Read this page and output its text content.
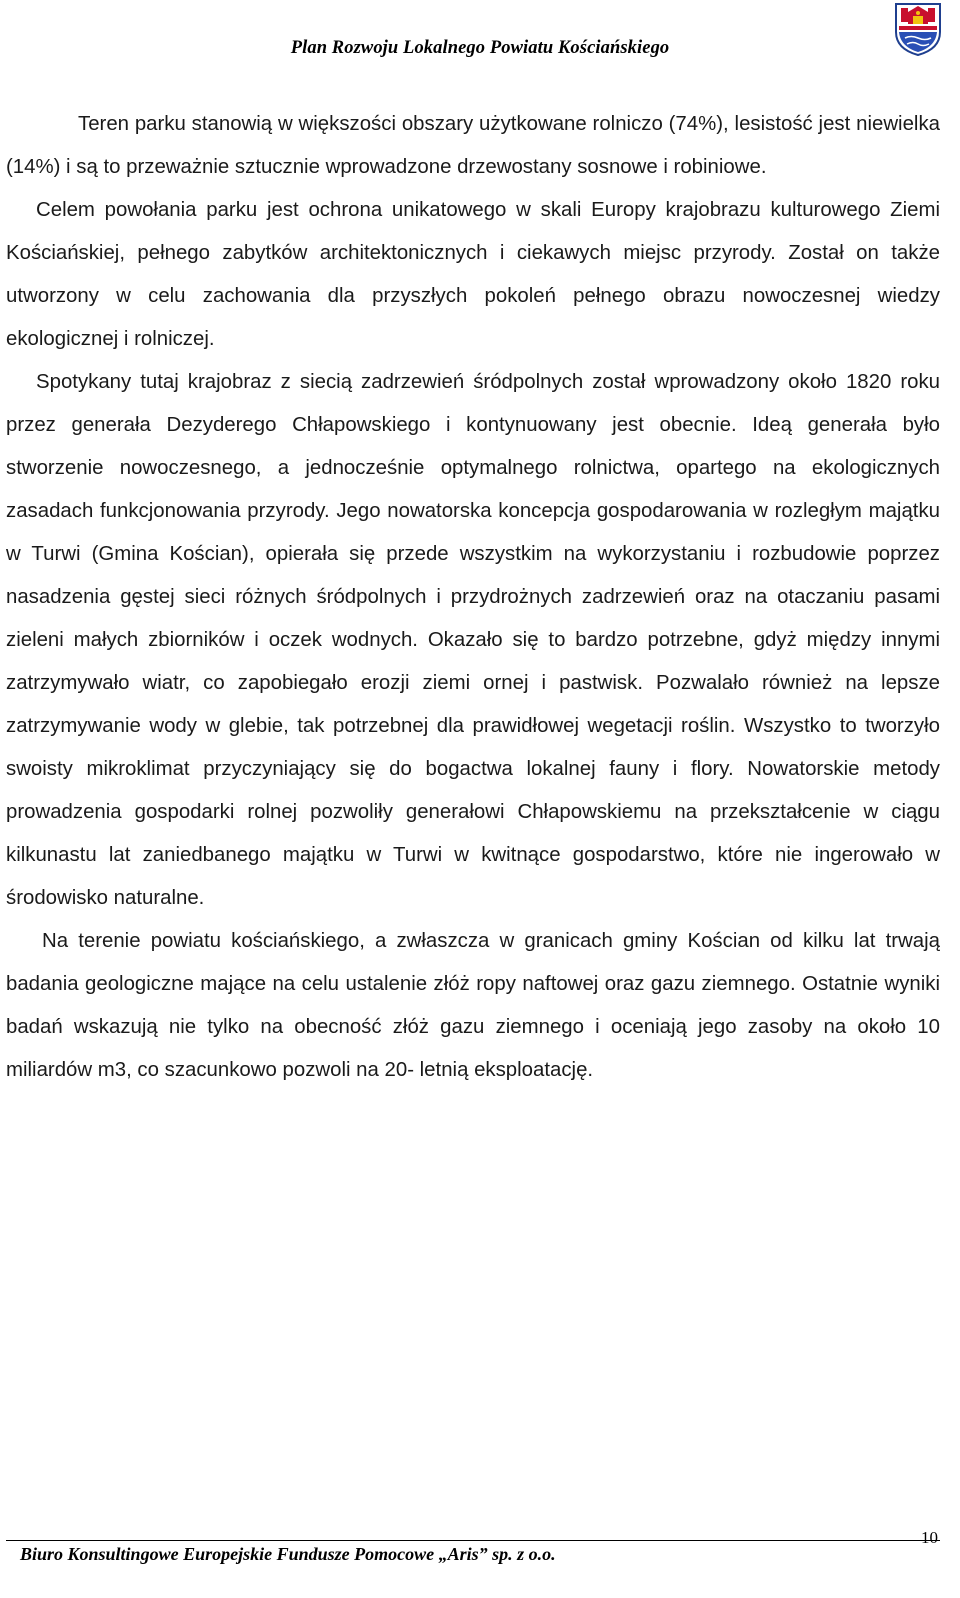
Plan Rozwoju Lokalnego Powiatu Kościańskiego

Teren parku stanowią w większości obszary użytkowane rolniczo (74%), lesistość jest niewielka (14%) i są to przeważnie sztucznie wprowadzone drzewostany sosnowe i robiniowe.

Celem powołania parku jest ochrona unikatowego w skali Europy krajobrazu kulturowego Ziemi Kościańskiej, pełnego zabytków architektonicznych i ciekawych miejsc przyrody. Został on także utworzony w celu zachowania dla przyszłych pokoleń pełnego obrazu nowoczesnej wiedzy ekologicznej i rolniczej.

Spotykany tutaj krajobraz z siecią zadrzewień śródpolnych został wprowadzony około 1820 roku przez generała Dezyderego Chłapowskiego i kontynuowany jest obecnie. Ideą generała było stworzenie nowoczesnego, a jednocześnie optymalnego rolnictwa, opartego na ekologicznych zasadach funkcjonowania przyrody. Jego nowatorska koncepcja gospodarowania w rozległym majątku w Turwi (Gmina Kościan), opierała się przede wszystkim na wykorzystaniu i rozbudowie poprzez nasadzenia gęstej sieci różnych śródpolnych i przydrożnych zadrzewień oraz na otaczaniu pasami zieleni małych zbiorników i oczek wodnych. Okazało się to bardzo potrzebne, gdyż między innymi zatrzymywało wiatr, co zapobiegało erozji ziemi ornej i pastwisk. Pozwalało również na lepsze zatrzymywanie wody w glebie, tak potrzebnej dla prawidłowej wegetacji roślin. Wszystko to tworzyło swoisty mikroklimat przyczyniający się do bogactwa lokalnej fauny i flory. Nowatorskie metody prowadzenia gospodarki rolnej pozwoliły generałowi Chłapowskiemu na przekształcenie w ciągu kilkunastu lat zaniedbanego majątku w Turwi w kwitnące gospodarstwo, które nie ingerowało w środowisko naturalne.

Na terenie powiatu kościańskiego, a zwłaszcza w granicach gminy Kościan od kilku lat trwają badania geologiczne mające na celu ustalenie złóż ropy naftowej oraz gazu ziemnego. Ostatnie wyniki badań wskazują nie tylko na obecność złóż gazu ziemnego i oceniają jego zasoby na około 10 miliardów m3, co szacunkowo pozwoli na 20- letnią eksploatację.

Biuro Konsultingowe Europejskie Fundusze Pomocowe „Aris” sp. z o.o.
10
